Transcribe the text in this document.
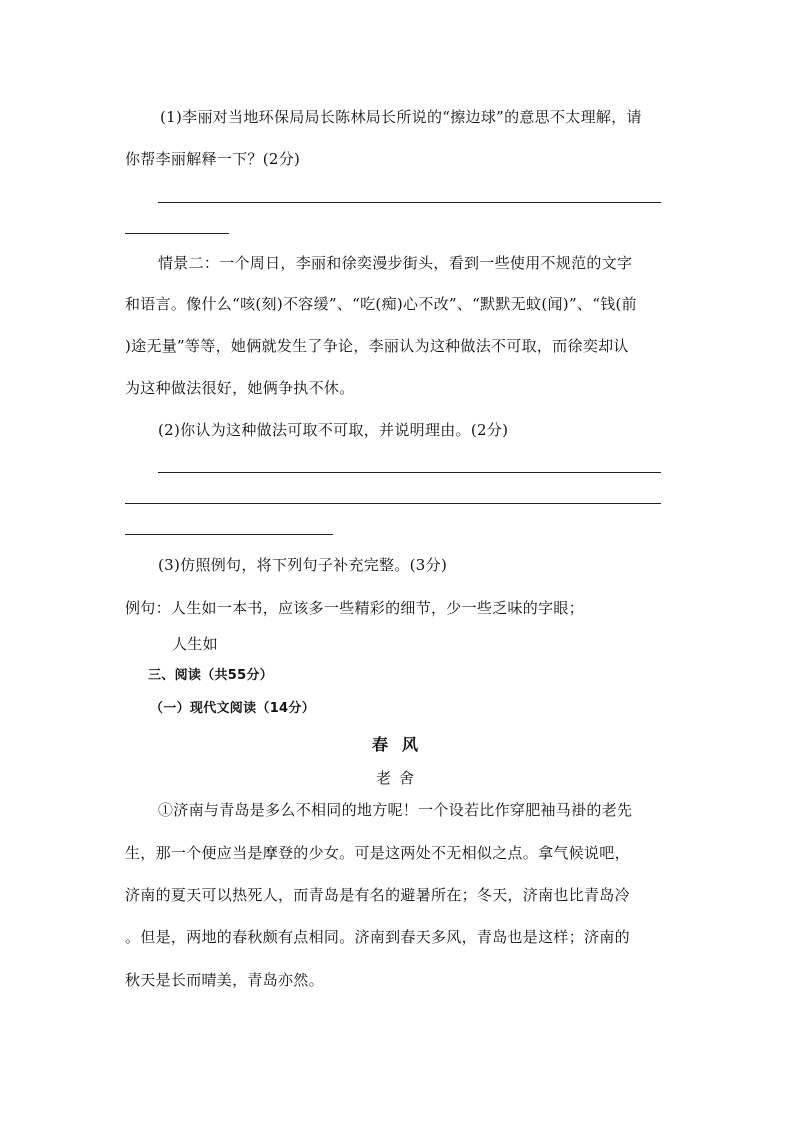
(1)李丽对当地环保局局长陈林局长所说的“擦边球”的意思不太理解，请
你帮李丽解释一下？(2分)
情景二：一个周日，李丽和徐奕漫步街头，看到一些使用不规范的文字
和语言。像什么“咳(刻)不容缓”、“吃(痴)心不改”、“默默无蚊(闻)”、“钱(前
)途无量”等等，她俩就发生了争论，李丽认为这种做法不可取，而徐奕却认
为这种做法很好，她俩争执不休。
(2)你认为这种做法可取不可取，并说明理由。(2分)
(3)仿照例句，将下列句子补充完整。(3分)
例句：人生如一本书，应该多一些精彩的细节，少一些乏味的字眼；
人生如
三、阅读（共55分）
（一）现代文阅读（14分）
春风
老舍
①济南与青岛是多么不相同的地方呢！一个设若比作穿肥袖马褂的老先
生，那一个便应当是摩登的少女。可是这两处不无相似之点。拿气候说吧，
济南的夏天可以热死人，而青岛是有名的避暑所在；冬天，济南也比青岛冷
。但是，两地的春秋颇有点相同。济南到春天多风，青岛也是这样；济南的
秋天是长而晴美，青岛亦然。
